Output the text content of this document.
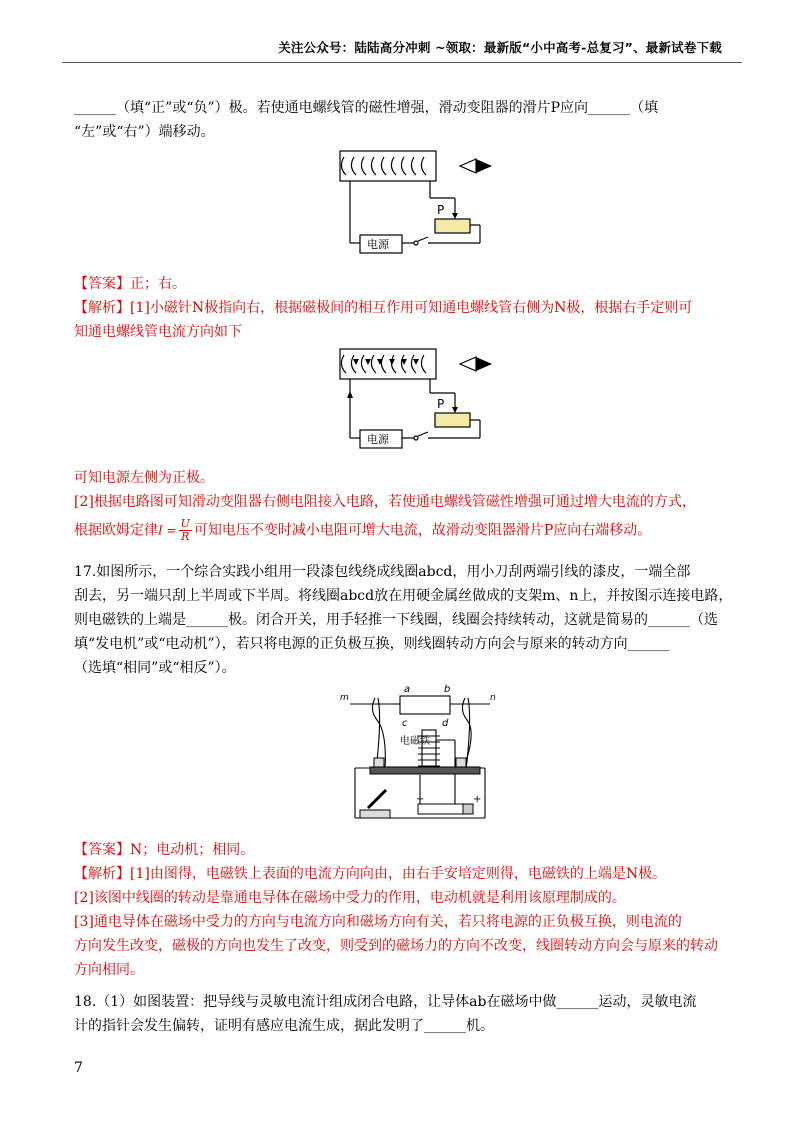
关注公众号：陆陆高分冲刺 ~领取：最新版“小中高考-总复习”、最新试卷下载
______（填“正”或“负”）极。若使通电螺线管的磁性增强，滑动变阻器的滑片P应向______（填
“左”或“右”）端移动。
P
电源
【答案】正；右。
【解析】[1]小磁针N极指向右，根据磁极间的相互作用可知通电螺线管右侧为N极，根据右手定则可
知通电螺线管电流方向如下
P
电源
可知电源左侧为正极。
[2]根据电路图可知滑动变阻器右侧电阻接入电路，若使通电螺线管磁性增强可通过增大电流的方式，
根据欧姆定律$I = \frac{U}{R}$ 可知电压不变时减小电阻可增大电流，故滑动变阻器滑片P应向右端移动。
17.如图所示，一个综合实践小组用一段漆包线绕成线圈abcd，用小刀刮两端引线的漆皮，一端全部
刮去，另一端只刮上半周或下半周。将线圈abcd放在用硬金属丝做成的支架m、n上，并按图示连接电路，
则电磁铁的上端是______极。闭合开关，用手轻推一下线圈，线圈会持续转动，这就是简易的______（选
填“发电机”或“电动机”），若只将电源的正负极互换，则线圈转动方向会与原来的转动方向______
（选填“相同”或“相反”）。
a	b
c	d
m	n
电磁铁
−	+
【答案】N；电动机；相同。
【解析】[1]由图得，电磁铁上表面的电流方向向由，由右手安培定则得，电磁铁的上端是N极。
[2]该图中线圈的转动是靠通电导体在磁场中受力的作用，电动机就是利用该原理制成的。
[3]通电导体在磁场中受力的方向与电流方向和磁场方向有关，若只将电源的正负极互换，则电流的
方向发生改变，磁极的方向也发生了改变，则受到的磁场力的方向不改变，线圈转动方向会与原来的转动
方向相同。
18.（1）如图装置：把导线与灵敏电流计组成闭合电路，让导体ab在磁场中做______运动，灵敏电流
计的指针会发生偏转，证明有感应电流生成，据此发明了______机。
7
